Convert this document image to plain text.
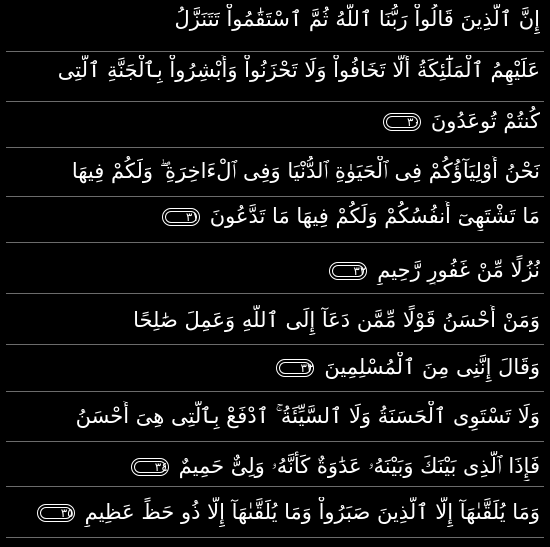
إِنَّ ٱلَّذِينَ قَالُواْ رَبُّنَا ٱللَّهُ ثُمَّ ٱسْتَقَٰمُواْ تَتَنَزَّلُ
عَلَيْهِمُ ٱلْمَلَٰٓئِكَةُ أَلَّا تَخَافُواْ وَلَا تَحْزَنُواْ وَأَبْشِرُواْ بِٱلْجَنَّةِ ٱلَّتِى
كُنتُمْ تُوعَدُونَ
٣٠
نَحْنُ أَوْلِيَآؤُكُمْ فِى ٱلْحَيَوٰةِ ٱلدُّنْيَا وَفِى ٱلْءَاخِرَةِ ۖ وَلَكُمْ فِيهَا
مَا تَشْتَهِىٓ أَنفُسُكُمْ وَلَكُمْ فِيهَا مَا تَدَّعُونَ
٣١
نُزُلًا مِّنْ غَفُورٍ رَّحِيمٍ
٣٢
وَمَنْ أَحْسَنُ قَوْلًا مِّمَّن دَعَآ إِلَى ٱللَّهِ وَعَمِلَ صَٰلِحًا
وَقَالَ إِنَّنِى مِنَ ٱلْمُسْلِمِينَ
٣٣
وَلَا تَسْتَوِى ٱلْحَسَنَةُ وَلَا ٱلسَّيِّئَةُ ۚ ٱدْفَعْ بِٱلَّتِى هِىَ أَحْسَنُ
فَإِذَا ٱلَّذِى بَيْنَكَ وَبَيْنَهُۥ عَدَٰوَةٌ كَأَنَّهُۥ وَلِىٌّ حَمِيمٌ
٣٤
وَمَا يُلَقَّىٰهَآ إِلَّا ٱلَّذِينَ صَبَرُواْ وَمَا يُلَقَّىٰهَآ إِلَّا ذُو حَظٍّ عَظِيمٍ
٣٥
